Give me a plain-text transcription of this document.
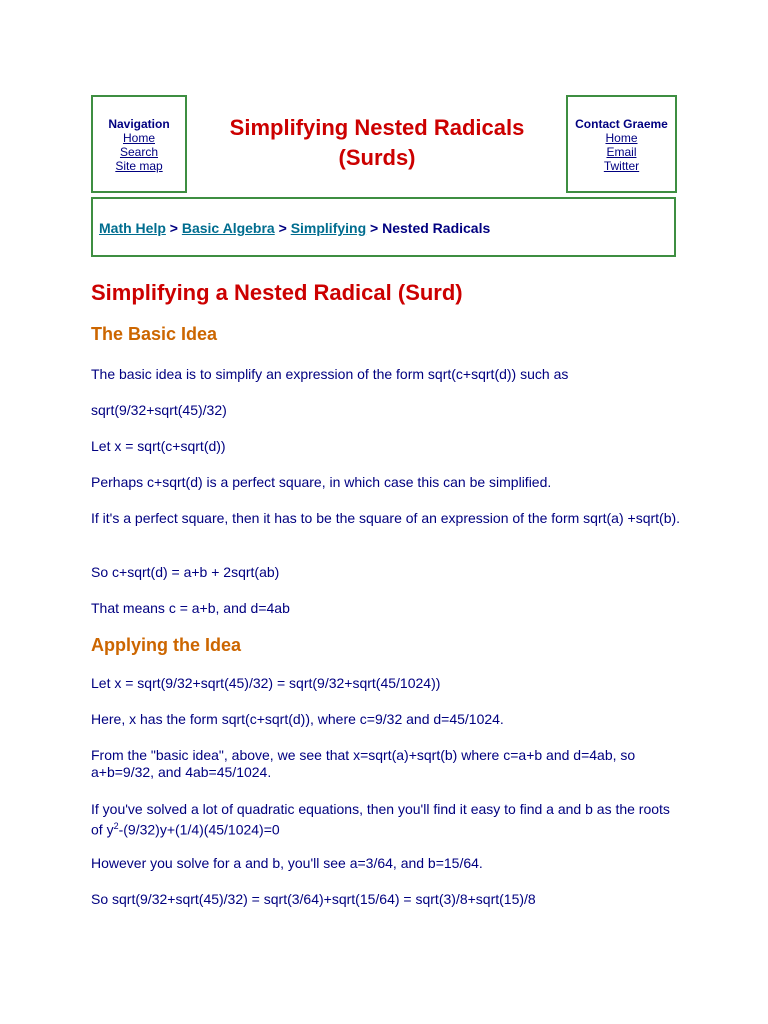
Navigation
Home
Search
Site map
Simplifying Nested Radicals
(Surds)
Contact Graeme
Home
Email
Twitter
Math Help > Basic Algebra > Simplifying > Nested Radicals
Simplifying a Nested Radical (Surd)
The Basic Idea

The basic idea is to simplify an expression of the form sqrt(c+sqrt(d)) such as

sqrt(9/32+sqrt(45)/32)

Let x = sqrt(c+sqrt(d))

Perhaps c+sqrt(d) is a perfect square, in which case this can be simplified.

If it's a perfect square, then it has to be the square of an expression of the form sqrt(a) +sqrt(b).

So c+sqrt(d) = a+b + 2sqrt(ab)

That means c = a+b, and d=4ab

Applying the Idea

Let x = sqrt(9/32+sqrt(45)/32) = sqrt(9/32+sqrt(45/1024))

Here, x has the form sqrt(c+sqrt(d)), where c=9/32 and d=45/1024.

From the "basic idea", above, we see that x=sqrt(a)+sqrt(b) where c=a+b and d=4ab, so a+b=9/32, and 4ab=45/1024.

If you've solved a lot of quadratic equations, then you'll find it easy to find a and b as the roots of $y^2-(9/32)y+(1/4)(45/1024)=0$

However you solve for a and b, you'll see a=3/64, and b=15/64.

So sqrt(9/32+sqrt(45)/32) = sqrt(3/64)+sqrt(15/64) = sqrt(3)/8+sqrt(15)/8
